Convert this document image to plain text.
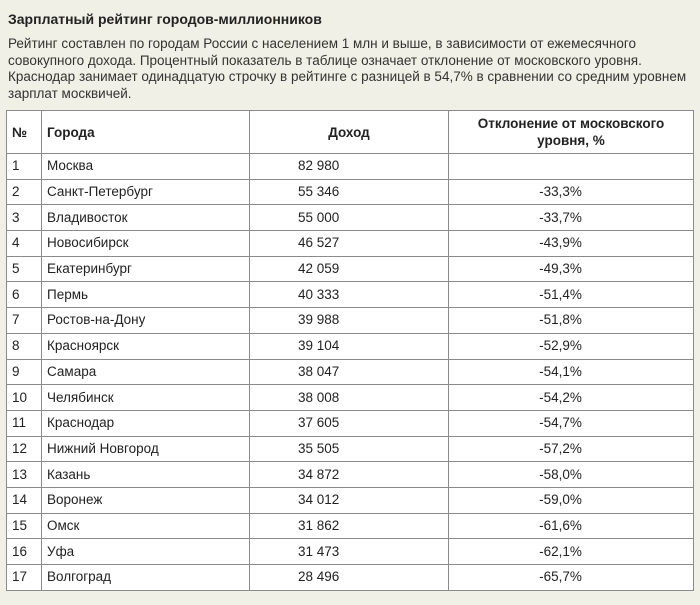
Зарплатный рейтинг городов-миллионников

Рейтинг составлен по городам России с населением 1 млн и выше, в зависимости от ежемесячного совокупного дохода. Процентный показатель в таблице означает отклонение от московского уровня. Краснодар занимает одинадцатую строчку в рейтинге с разницей в 54,7% в сравнении со средним уровнем зарплат москвичей.

№	Города	Доход	Отклонение от московского уровня, %
1	Москва	82 980	
2	Санкт-Петербург	55 346	-33,3%
3	Владивосток	55 000	-33,7%
4	Новосибирск	46 527	-43,9%
5	Екатеринбург	42 059	-49,3%
6	Пермь	40 333	-51,4%
7	Ростов-на-Дону	39 988	-51,8%
8	Красноярск	39 104	-52,9%
9	Самара	38 047	-54,1%
10	Челябинск	38 008	-54,2%
11	Краснодар	37 605	-54,7%
12	Нижний Новгород	35 505	-57,2%
13	Казань	34 872	-58,0%
14	Воронеж	34 012	-59,0%
15	Омск	31 862	-61,6%
16	Уфа	31 473	-62,1%
17	Волгоград	28 496	-65,7%
